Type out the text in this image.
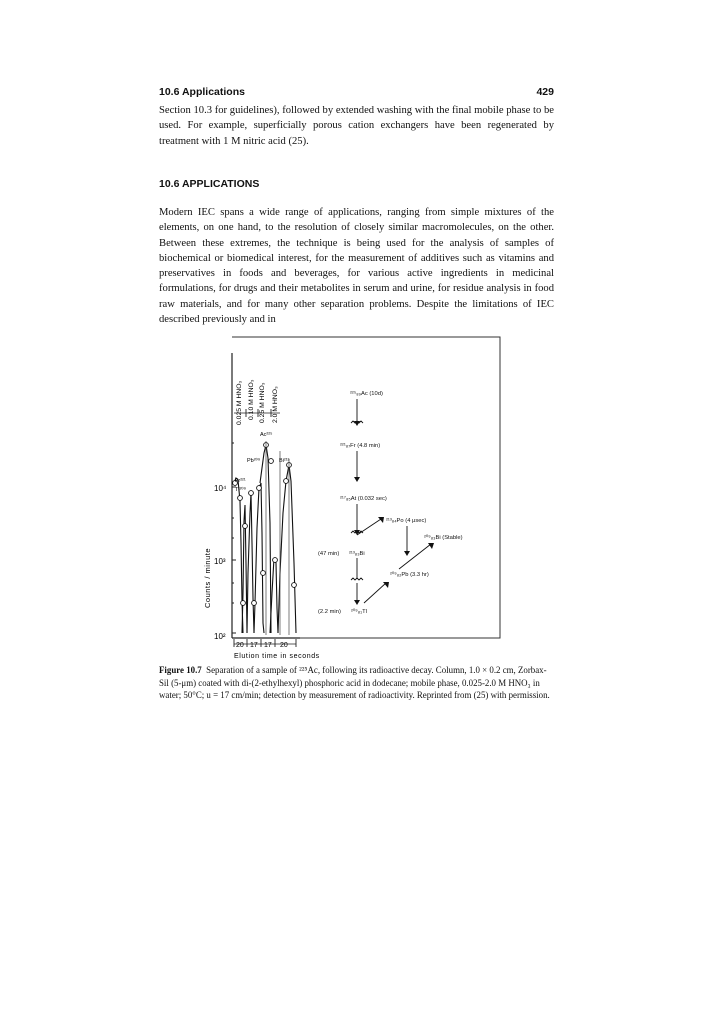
10.6 Applications	429

Section 10.3 for guidelines), followed by extended washing with the final mobile phase to be used. For example, superficially porous cation exchangers have been regenerated by treatment with 1 M nitric acid (25).

10.6 APPLICATIONS

Modern IEC spans a wide range of applications, ranging from simple mixtures of the elements, on one hand, to the resolution of closely similar macromolecules, on the other. Between these extremes, the technique is being used for the analysis of samples of biochemical or biomedical interest, for the measurement of additives such as vitamins and preservatives in foods and beverages, for various active ingredients in medicinal formulations, for drugs and their metabolites in serum and urine, for residue analysis in food raw materials, and for many other separation problems. Despite the limitations of IEC described previously and in

10⁴
10³
10²
Counts / minute
0.025 M HNO₃ 0.10 M HNO₃ 0.25 M HNO₃ 2.0 M HNO₃
Fr²²¹
Tl²⁰⁹
Pb²⁰⁹
Ac²²⁵
Bi²¹³
20 17 17 20
Elution time in seconds
²²⁵₈₉Ac (10d)
²²¹₈₇Fr (4.8 min)
²¹⁷₈₅At (0.032 sec)
²¹³₈₄Po (4 μsec)
²¹³₈₃Bi
(47 min)
²⁰⁹₈₃Bi (Stable)
²⁰⁹₈₂Pb (3.3 hr)
²⁰⁹₈₁Tl
(2.2 min)

Figure 10.7 Separation of a sample of ²²⁵Ac, following its radioactive decay. Column, 1.0 × 0.2 cm, Zorbax-Sil (5-μm) coated with di-(2-ethylhexyl) phosphoric acid in dodecane; mobile phase, 0.025-2.0 M HNO₃ in water; 50°C; u = 17 cm/min; detection by measurement of radioactivity. Reprinted from (25) with permission.
